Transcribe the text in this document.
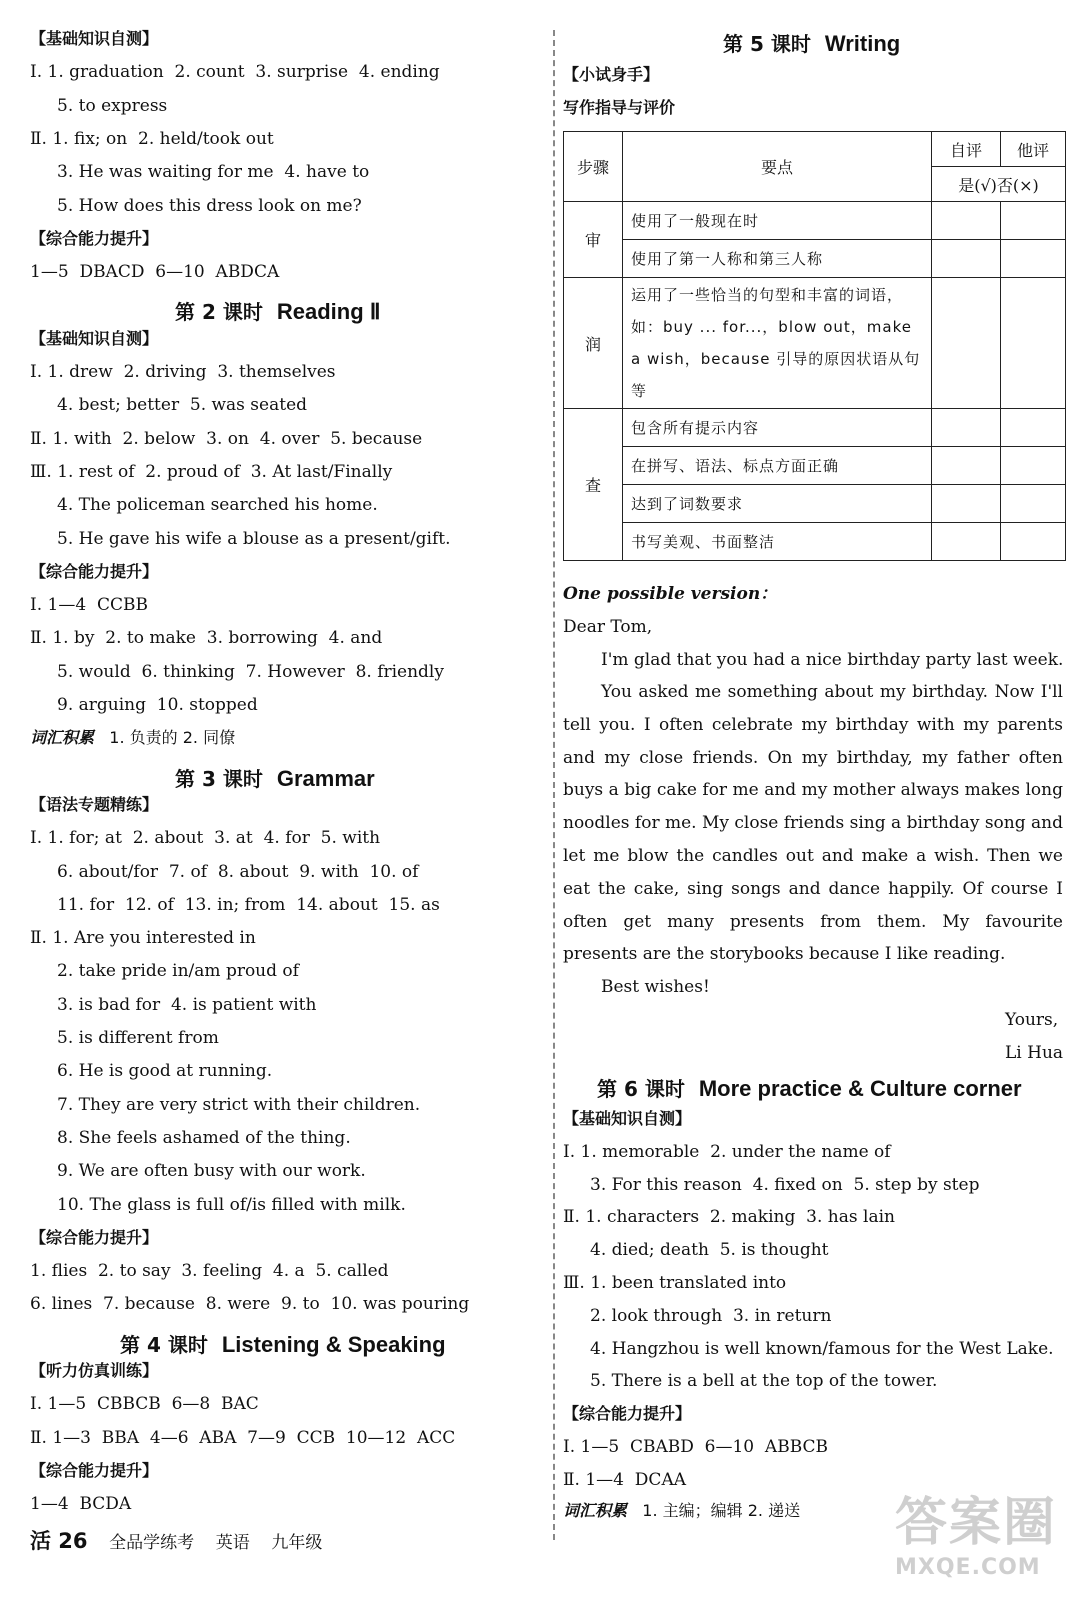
【基础知识自测】
Ⅰ. 1. graduation  2. count  3. surprise  4. ending
5. to express
Ⅱ. 1. fix; on  2. held/took out
3. He was waiting for me  4. have to
5. How does this dress look on me?
【综合能力提升】
1—5  DBACD  6—10  ABDCA
第 2 课时 Reading Ⅱ
【基础知识自测】
Ⅰ. 1. drew  2. driving  3. themselves
4. best; better  5. was seated
Ⅱ. 1. with  2. below  3. on  4. over  5. because
Ⅲ. 1. rest of  2. proud of  3. At last/Finally
4. The policeman searched his home.
5. He gave his wife a blouse as a present/gift.
【综合能力提升】
Ⅰ. 1—4  CCBB
Ⅱ. 1. by  2. to make  3. borrowing  4. and
5. would  6. thinking  7. However  8. friendly
9. arguing  10. stopped
词汇积累 1. 负责的 2. 同僚
第 3 课时 Grammar
【语法专题精练】
Ⅰ. 1. for; at  2. about  3. at  4. for  5. with
6. about/for  7. of  8. about  9. with  10. of
11. for  12. of  13. in; from  14. about  15. as
Ⅱ. 1. Are you interested in
2. take pride in/am proud of
3. is bad for  4. is patient with
5. is different from
6. He is good at running.
7. They are very strict with their children.
8. She feels ashamed of the thing.
9. We are often busy with our work.
10. The glass is full of/is filled with milk.
【综合能力提升】
1. flies  2. to say  3. feeling  4. a  5. called
6. lines  7. because  8. were  9. to  10. was pouring
第 4 课时 Listening & Speaking
【听力仿真训练】
Ⅰ. 1—5  CBBCB  6—8  BAC
Ⅱ. 1—3  BBA  4—6  ABA  7—9  CCB  10—12  ACC
【综合能力提升】
1—4  BCDA
第 5 课时 Writing
【小试身手】
写作指导与评价
步骤	要点	自评	他评
		是(√)否(×)	
审	使用了一般现在时		
	使用了第一人称和第三人称		
润	运用了一些恰当的句型和丰富的词语，如：buy ... for...，blow out，make a wish，because 引导的原因状语从句等		
查	包含所有提示内容		
	在拼写、语法、标点方面正确		
	达到了词数要求		
	书写美观、书面整洁		
One possible version：
Dear Tom,
I'm glad that you had a nice birthday party last week.
You asked me something about my birthday. Now I'll tell you. I often celebrate my birthday with my parents and my close friends. On my birthday, my father often buys a big cake for me and my mother always makes long noodles for me. My close friends sing a birthday song and let me blow the candles out and make a wish. Then we eat the cake, sing songs and dance happily. Of course I often get many presents from them. My favourite presents are the storybooks because I like reading.
Best wishes!
Yours,
Li Hua
第 6 课时 More practice & Culture corner
【基础知识自测】
Ⅰ. 1. memorable  2. under the name of
3. For this reason  4. fixed on  5. step by step
Ⅱ. 1. characters  2. making  3. has lain
4. died; death  5. is thought
Ⅲ. 1. been translated into
2. look through  3. in return
4. Hangzhou is well known/famous for the West Lake.
5. There is a bell at the top of the tower.
【综合能力提升】
Ⅰ. 1—5  CBABD  6—10  ABBCB
Ⅱ. 1—4  DCAA
词汇积累 1. 主编；编辑 2. 递送
活 26 全品学练考 英语 九年级	答案圈
MXQE.COM
